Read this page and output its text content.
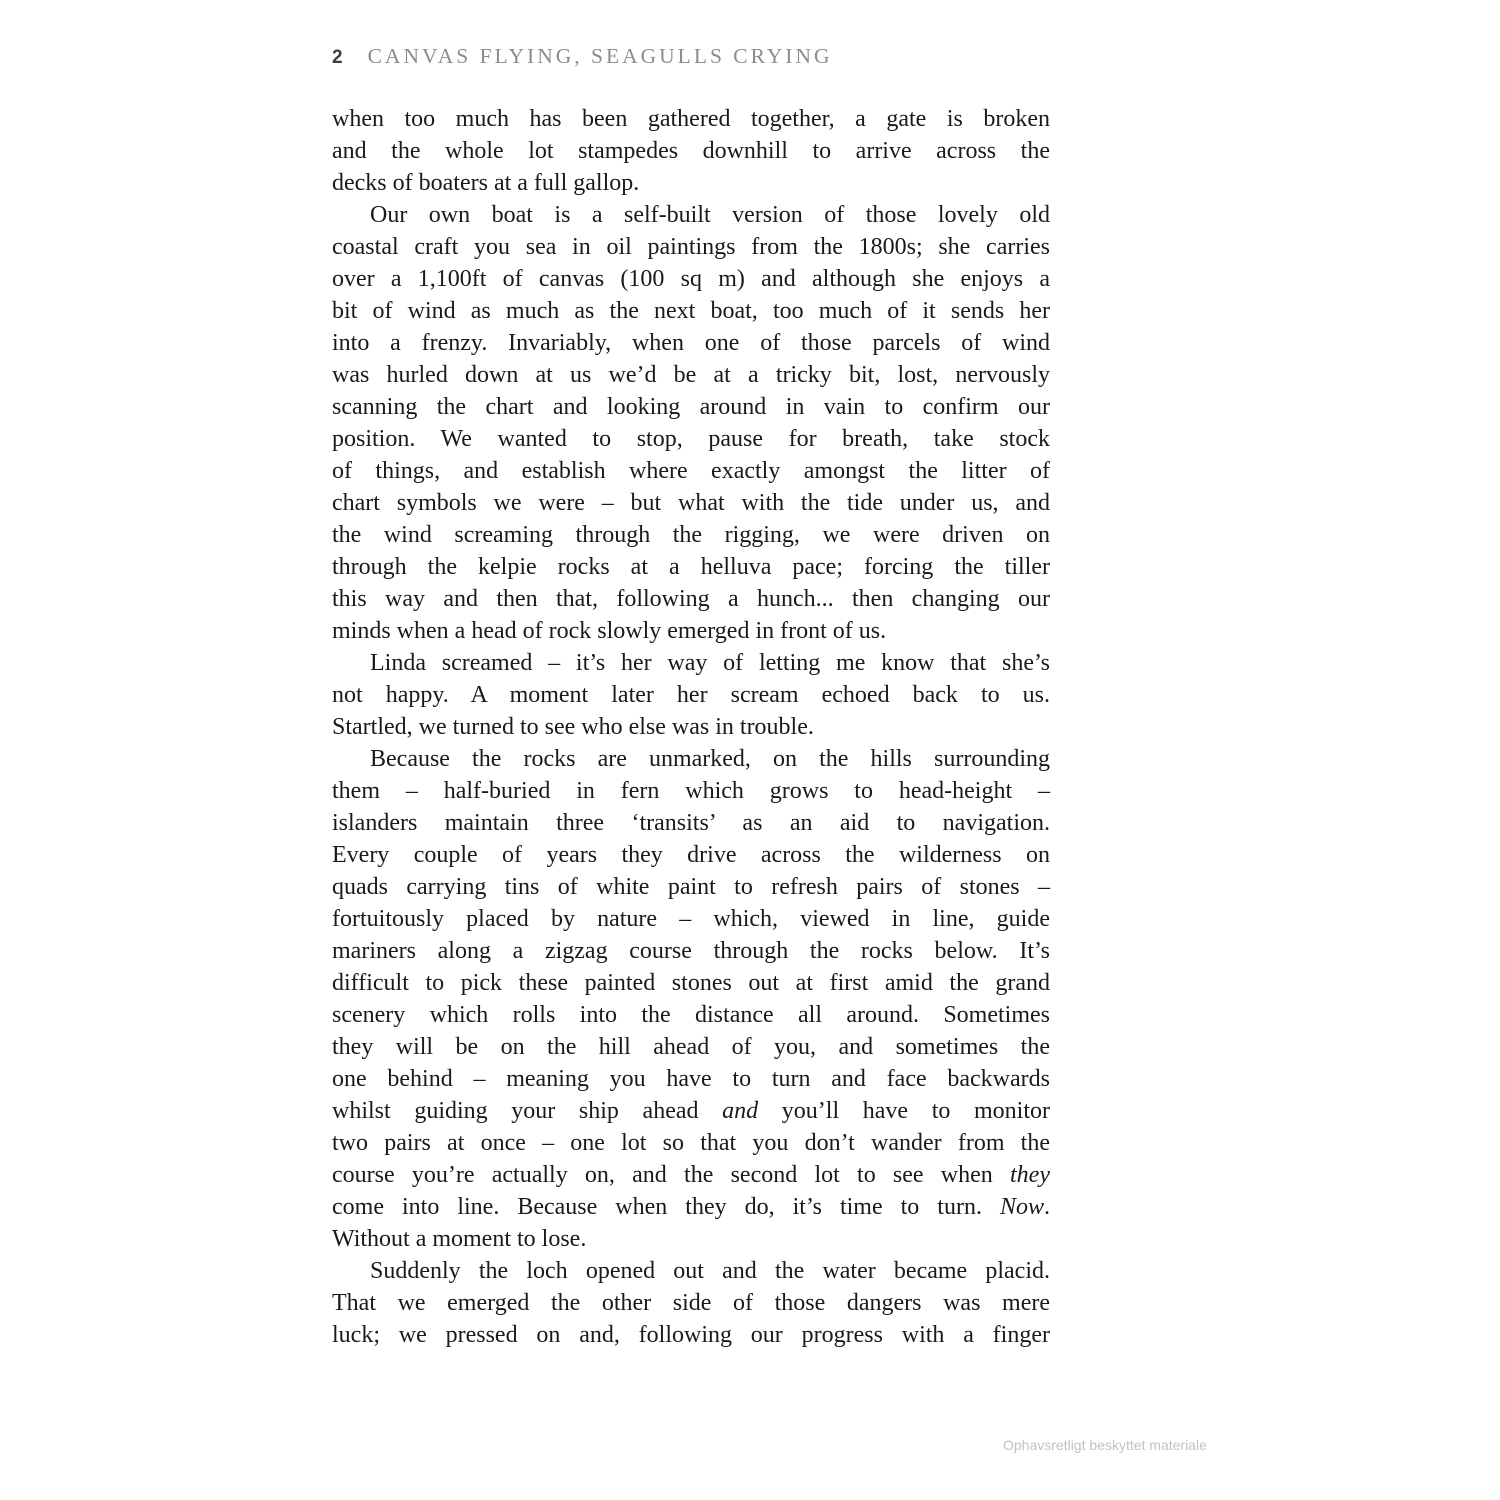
2 CANVAS FLYING, SEAGULLS CRYING
when too much has been gathered together, a gate is broken
and the whole lot stampedes downhill to arrive across the
decks of boaters at a full gallop.
Our own boat is a self-built version of those lovely old
coastal craft you sea in oil paintings from the 1800s; she carries
over a 1,100ft of canvas (100 sq m) and although she enjoys a
bit of wind as much as the next boat, too much of it sends her
into a frenzy. Invariably, when one of those parcels of wind
was hurled down at us we’d be at a tricky bit, lost, nervously
scanning the chart and looking around in vain to confirm our
position. We wanted to stop, pause for breath, take stock
of things, and establish where exactly amongst the litter of
chart symbols we were – but what with the tide under us, and
the wind screaming through the rigging, we were driven on
through the kelpie rocks at a helluva pace; forcing the tiller
this way and then that, following a hunch... then changing our
minds when a head of rock slowly emerged in front of us.
Linda screamed – it’s her way of letting me know that she’s
not happy. A moment later her scream echoed back to us.
Startled, we turned to see who else was in trouble.
Because the rocks are unmarked, on the hills surrounding
them – half-buried in fern which grows to head-height –
islanders maintain three ‘transits’ as an aid to navigation.
Every couple of years they drive across the wilderness on
quads carrying tins of white paint to refresh pairs of stones –
fortuitously placed by nature – which, viewed in line, guide
mariners along a zigzag course through the rocks below. It’s
difficult to pick these painted stones out at first amid the grand
scenery which rolls into the distance all around. Sometimes
they will be on the hill ahead of you, and sometimes the
one behind – meaning you have to turn and face backwards
whilst guiding your ship ahead and you’ll have to monitor
two pairs at once – one lot so that you don’t wander from the
course you’re actually on, and the second lot to see when they
come into line. Because when they do, it’s time to turn. Now.
Without a moment to lose.
Suddenly the loch opened out and the water became placid.
That we emerged the other side of those dangers was mere
luck; we pressed on and, following our progress with a finger
Ophavsretligt beskyttet materiale
